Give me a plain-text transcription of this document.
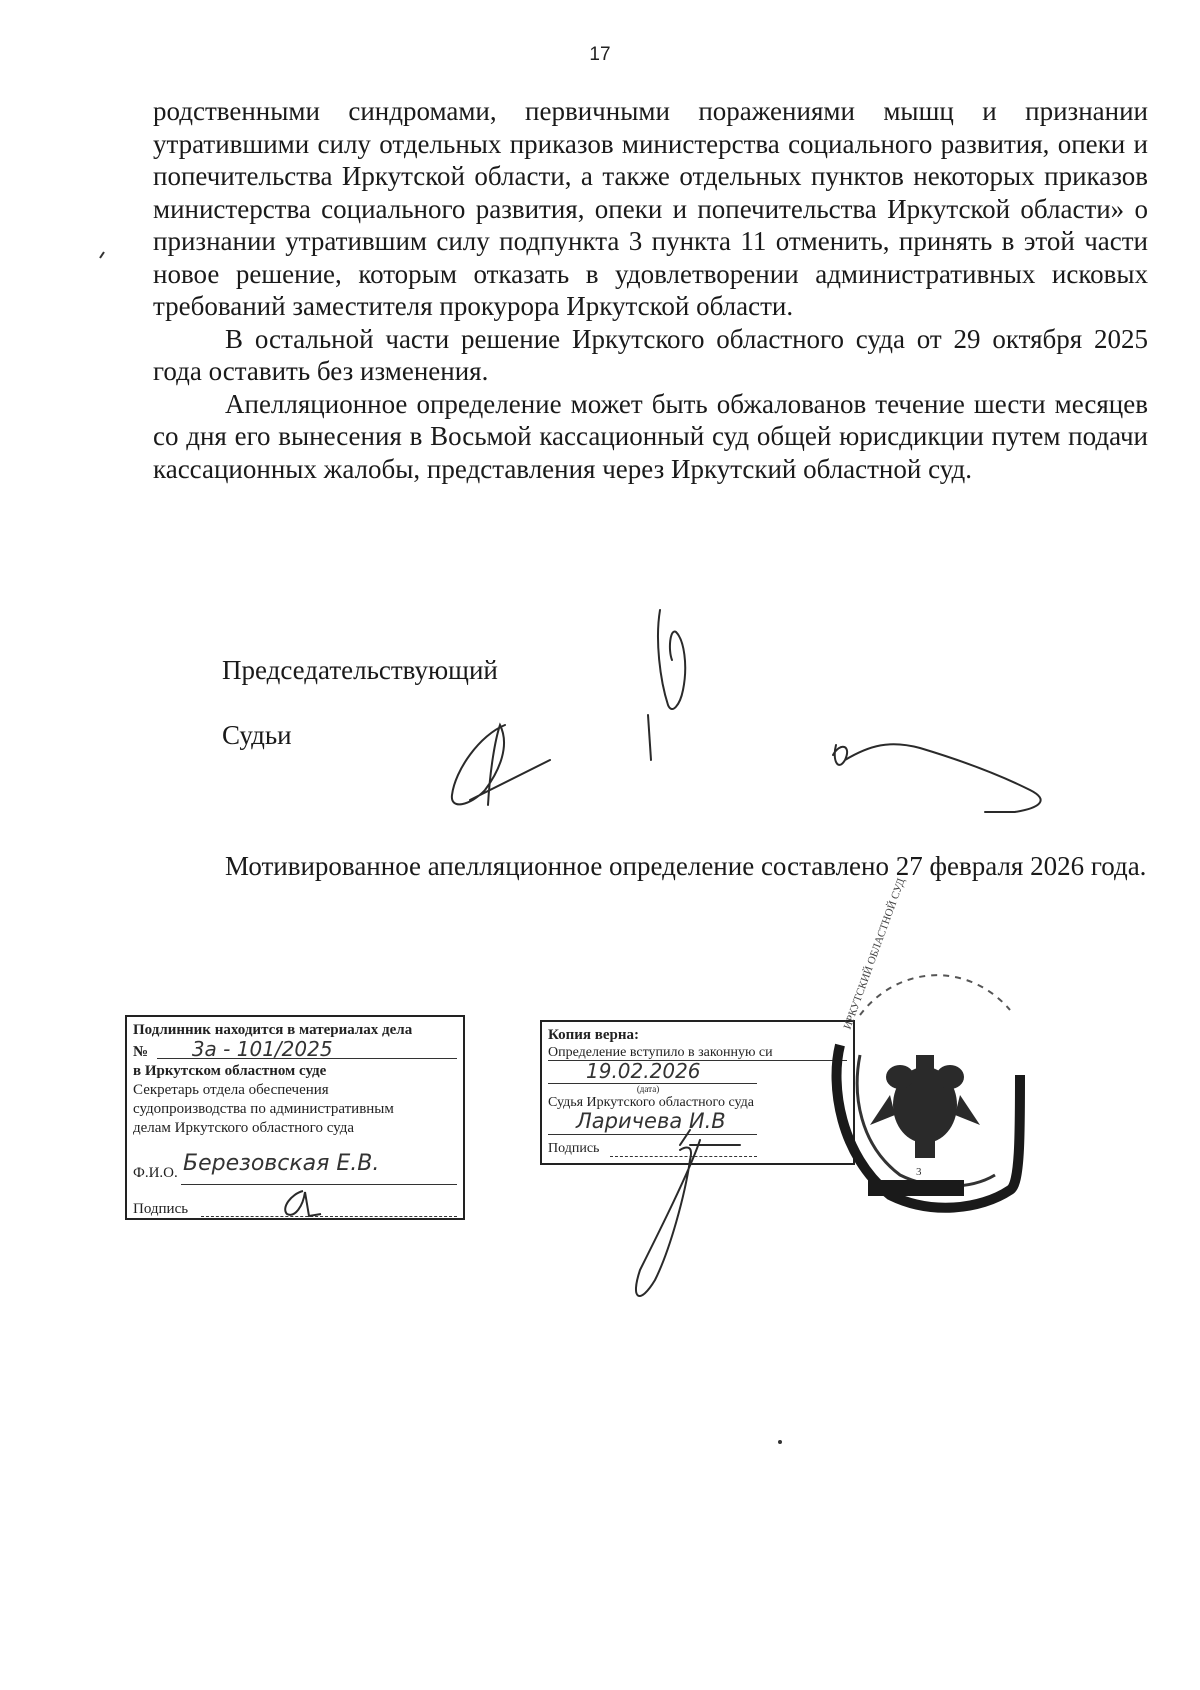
17

родственными синдромами, первичными поражениями мышц и признании утратившими силу отдельных приказов министерства социального развития, опеки и попечительства Иркутской области, а также отдельных пунктов некоторых приказов министерства социального развития, опеки и попечительства Иркутской области» о признании утратившим силу подпункта 3 пункта 11 отменить, принять в этой части новое решение, которым отказать в удовлетворении административных исковых требований заместителя прокурора Иркутской области.

В остальной части решение Иркутского областного суда от 29 октября 2025 года оставить без изменения.

Апелляционное определение может быть обжалованов течение шести месяцев со дня его вынесения в Восьмой кассационный суд общей юрисдикции путем подачи кассационных жалобы, представления через Иркутский областной суд.

Председательствующий
Судьи

Мотивированное апелляционное определение составлено 27 февраля 2026 года.

Подлинник находится в материалах дела
№ 3а - 101/2025
в Иркутском областном суде
Секретарь отдела обеспечения
судопроизводства по административным
делам Иркутского областного суда
Ф.И.О. Березовская Е.В.
Подпись
Копия верна:
Определение вступило в законную си
19.02.2026
(дата)
Судья Иркутского областного суда
Ларичева И.В
Подпись
3
ИРКУТСКИЙ ОБЛАСТНОЙ СУД
